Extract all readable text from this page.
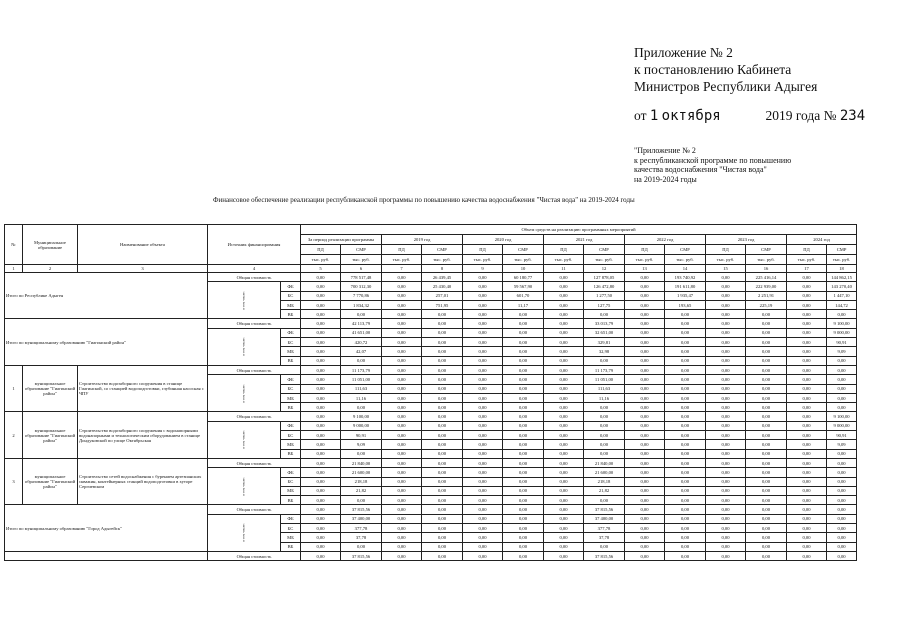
Приложение № 2
к постановлению Кабинета
Министров Республики Адыгея
от 1 октября	2019 года № 234
"Приложение № 2
к республиканской программе по повышению
качества водоснабжения "Чистая вода"
на 2019-2024 годы
Финансовое обеспечение реализации республиканской программы по повышению качества водоснабжения "Чистая вода" на 2019-2024 годы
№	Муниципальное образование	Наименование объекта	Источник финансирования		Объем средств на реализацию программных мероприятий													
					За период реализации программы		2019 год		2020 год		2021 год		2022 год		2023 год		2024 год	
					ПД	СМР	ПД	СМР	ПД	СМР	ПД	СМР	ПД	СМР	ПД	СМР	ПД	СМР
					тыс. руб.	тыс. руб.	тыс. руб.	тыс. руб.	тыс. руб.	тыс. руб.	тыс. руб.	тыс. руб.	тыс. руб.	тыс. руб.	тыс. руб.	тыс. руб.	тыс. руб.	тыс. руб.
1	2	3	4		5	6	7	8	9	10	11	12	13	14	15	16	17	18
Итого по Республике Адыгея			Общая стоимость		0,00	778 517,48	0,00	26 439,45	0,00	60 180,77	0,00	127 878,05	0,00	193 740,92	0,00	225 416,14	0,00	144 862,15

			в том числе:	ФБ	0,00	700 312,30	0,00	25 430,40	0,00	59 567,90	0,00	126 472,80	0,00	191 611,80	0,00	222 939,00	0,00	143 270,40
				БС	0,00	7 770,86	0,00	257,01	0,00	601,70	0,00	1 277,50	0,00	1 935,47	0,00	2 251,91	0,00	1 447,10
				МБ	0,00	1 834,32	0,00	751,95	0,00	11,17	0,00	127,75	0,00	193,65	0,00	225,19	0,00	144,72
				ВБ	0,00	0,00	0,00	0,00	0,00	0,00	0,00	0,00	0,00	0,00	0,00	0,00	0,00	0,00
Итого по муниципальному образованию "Гиагинский район"			Общая стоимость		0,00	42 113,79	0,00	0,00	0,00	0,00	0,00	33 013,79	0,00	0,00	0,00	0,00	0,00	9 100,00

			в том числе:	ФБ	0,00	41 651,00	0,00	0,00	0,00	0,00	0,00	32 651,00	0,00	0,00	0,00	0,00	0,00	9 000,00
				БС	0,00	420,72	0,00	0,00	0,00	0,00	0,00	329,81	0,00	0,00	0,00	0,00	0,00	90,91
				МБ	0,00	42,07	0,00	0,00	0,00	0,00	0,00	32,98	0,00	0,00	0,00	0,00	0,00	9,09
				ВБ	0,00	0,00	0,00	0,00	0,00	0,00	0,00	0,00	0,00	0,00	0,00	0,00	0,00	0,00
1	муниципальное образование "Гиагинский район"	Строительство водозаборного сооружения в станице Гиагинской, со станцией водоподготовки, глубинная насосная с ЧПУ	Общая стоимость		0,00	11 173,79	0,00	0,00	0,00	0,00	0,00	11 173,79	0,00	0,00	0,00	0,00	0,00	0,00

			в том числе:	ФБ	0,00	11 051,00	0,00	0,00	0,00	0,00	0,00	11 051,00	0,00	0,00	0,00	0,00	0,00	0,00
				БС	0,00	111,63	0,00	0,00	0,00	0,00	0,00	111,63	0,00	0,00	0,00	0,00	0,00	0,00
				МБ	0,00	11,16	0,00	0,00	0,00	0,00	0,00	11,16	0,00	0,00	0,00	0,00	0,00	0,00
				ВБ	0,00	0,00	0,00	0,00	0,00	0,00	0,00	0,00	0,00	0,00	0,00	0,00	0,00	0,00
2	муниципальное образование "Гиагинский район"	Строительство водозаборного сооружения с водонапорными водонапорными и технологическим оборудованием в станице Дондуковской по улице Октябрьская	Общая стоимость		0,00	9 100,00	0,00	0,00	0,00	0,00	0,00	0,00	0,00	0,00	0,00	0,00	0,00	9 100,00

			в том числе:	ФБ	0,00	9 000,00	0,00	0,00	0,00	0,00	0,00	0,00	0,00	0,00	0,00	0,00	0,00	9 000,00
				БС	0,00	90,91	0,00	0,00	0,00	0,00	0,00	0,00	0,00	0,00	0,00	0,00	0,00	90,91
				МБ	0,00	9,09	0,00	0,00	0,00	0,00	0,00	0,00	0,00	0,00	0,00	0,00	0,00	9,09
				ВБ	0,00	0,00	0,00	0,00	0,00	0,00	0,00	0,00	0,00	0,00	0,00	0,00	0,00	0,00
3	муниципальное образование "Гиагинский район"	Строительство сетей водоснабжения с бурением артезианских скважин, контейнерных станций водоподготовки в хуторе Сергиевском	Общая стоимость		0,00	21 840,00	0,00	0,00	0,00	0,00	0,00	21 840,00	0,00	0,00	0,00	0,00	0,00	0,00

			в том числе:	ФБ	0,00	21 600,00	0,00	0,00	0,00	0,00	0,00	21 600,00	0,00	0,00	0,00	0,00	0,00	0,00
				БС	0,00	218,18	0,00	0,00	0,00	0,00	0,00	218,18	0,00	0,00	0,00	0,00	0,00	0,00
				МБ	0,00	21,82	0,00	0,00	0,00	0,00	0,00	21,82	0,00	0,00	0,00	0,00	0,00	0,00
				ВБ	0,00	0,00	0,00	0,00	0,00	0,00	0,00	0,00	0,00	0,00	0,00	0,00	0,00	0,00
Итого по муниципальному образованию "Город Адыгейск"			Общая стоимость		0,00	37 815,56	0,00	0,00	0,00	0,00	0,00	37 815,56	0,00	0,00	0,00	0,00	0,00	0,00

			в том числе:	ФБ	0,00	37 400,00	0,00	0,00	0,00	0,00	0,00	37 400,00	0,00	0,00	0,00	0,00	0,00	0,00
				БС	0,00	377,78	0,00	0,00	0,00	0,00	0,00	377,78	0,00	0,00	0,00	0,00	0,00	0,00
				МБ	0,00	37,78	0,00	0,00	0,00	0,00	0,00	37,78	0,00	0,00	0,00	0,00	0,00	0,00
				ВБ	0,00	0,00	0,00	0,00	0,00	0,00	0,00	0,00	0,00	0,00	0,00	0,00	0,00	0,00
			Общая стоимость		0,00	37 815,56	0,00	0,00	0,00	0,00	0,00	37 815,56	0,00	0,00	0,00	0,00	0,00	0,00
